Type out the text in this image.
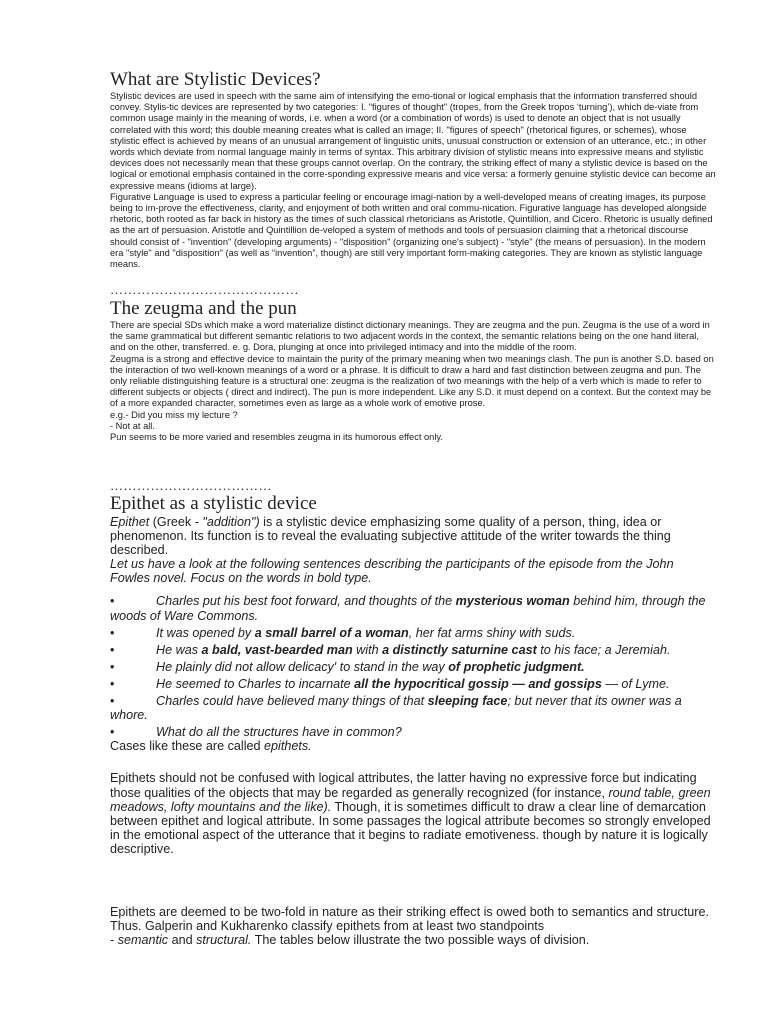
What are Stylistic Devices?

Stylistic devices are used in speech with the same aim of intensifying the emo-tional or logical emphasis that the information transferred should convey. Stylis-tic devices are represented by two categories: I. "figures of thought" (tropes, from the Greek tropos ‘turning’), which de-viate from common usage mainly in the meaning of words, i.e. when a word (or a combination of words) is used to denote an object that is not usually correlated with this word; this double meaning creates what is called an image; II. "figures of speech" (rhetorical figures, or schemes), whose stylistic effect is achieved by means of an unusual arrangement of linguistic units, unusual construction or extension of an utterance, etc.; in other words which deviate from normal language mainly in terms of syntax. This arbitrary division of stylistic means into expressive means and stylistic devices does not necessarily mean that these groups cannot overlap. On the contrary, the striking effect of many a stylistic device is based on the logical or emotional emphasis contained in the corre-sponding expressive means and vice versa: a formerly genuine stylistic device can become an expressive means (idioms at large).

Figurative Language is used to express a particular feeling or encourage imagi-nation by a well-developed means of creating images, its purpose being to im-prove the effectiveness, clarity, and enjoyment of both written and oral commu-nication. Figurative language has developed alongside rhetoric, both rooted as far back in history as the times of such classical rhetoricians as Aristotle, Quintillion, and Cicero. Rhetoric is usually defined as the art of persuasion. Aristotle and Quintillion de-veloped a system of methods and tools of persuasion claiming that a rhetorical discourse should consist of - "invention" (developing arguments) - "disposition" (organizing one's subject) - "style" (the means of persuasion). In the modern era "style" and "disposition" (as well as “invention”, though) are still very important form-making categories. They are known as stylistic language means.

……………………………………

The zeugma and the pun

There are special SDs which make a word materialize distinct dictionary meanings. They are zeugma and the pun. Zeugma is the use of a word in the same grammatical but different semantic relations to two adjacent words in the context, the semantic relations being on the one hand literal, and on the other, transferred. e. g. Dora, plunging at once into privileged intimacy and into the middle of the room.

Zeugma is a strong and effective device to maintain the purity of the primary meaning when two meanings clash. The pun is another S.D. based on the interaction of two well-known meanings of a word or a phrase. It is difficult to draw a hard and fast distinction between zeugma and pun. The only reliable distinguishing feature is a structural one: zeugma is the realization of two meanings with the help of a verb which is made to refer to different subjects or objects ( direct and indirect). The pun is more independent. Like any S.D. it must depend on a context. But the context may be of a more expanded character, sometimes even as large as a whole work of emotive prose.

e.g.- Did you miss my lecture ?

- Not at all.

Pun seems to be more varied and resembles zeugma in its humorous effect only.

………………………………

Epithet as a stylistic device

Epithet (Greek - "addition") is a stylistic device emphasizing some quality of a person, thing, idea or phenomenon. Its function is to reveal the evaluating subjective attitude of the writer towards the thing described.

Let us have a look at the following sentences describing the participants of the episode from the John Fowles novel. Focus on the words in bold type.

•	Charles put his best foot forward, and thoughts of the mysterious woman behind him, through the woods of Ware Commons.
•	It was opened by a small barrel of a woman, her fat arms shiny with suds.
•	He was a bald, vast-bearded man with a distinctly saturnine cast to his face; a Jeremiah.
•	He plainly did not allow delicacy' to stand in the way of prophetic judgment.
•	He seemed to Charles to incarnate all the hypocritical gossip — and gossips — of Lyme.
•	Charles could have believed many things of that sleeping face; but never that its owner was a whore.
•	What do all the structures have in common?

Cases like these are called epithets.

Epithets should not be confused with logical attributes, the latter having no expressive force but indicating those qualities of the objects that may be regarded as generally recognized (for instance, round table, green meadows, lofty mountains and the like). Though, it is sometimes difficult to draw a clear line of demarcation between epithet and logical attribute. In some passages the logical attribute becomes so strongly enveloped in the emotional aspect of the utterance that it begins to radiate emotiveness. though by nature it is logically descriptive.

Epithets are deemed to be two-fold in nature as their striking effect is owed both to semantics and structure. Thus. Galperin and Kukharenko classify epithets from at least two standpoints
- semantic and structural. The tables below illustrate the two possible ways of division.
